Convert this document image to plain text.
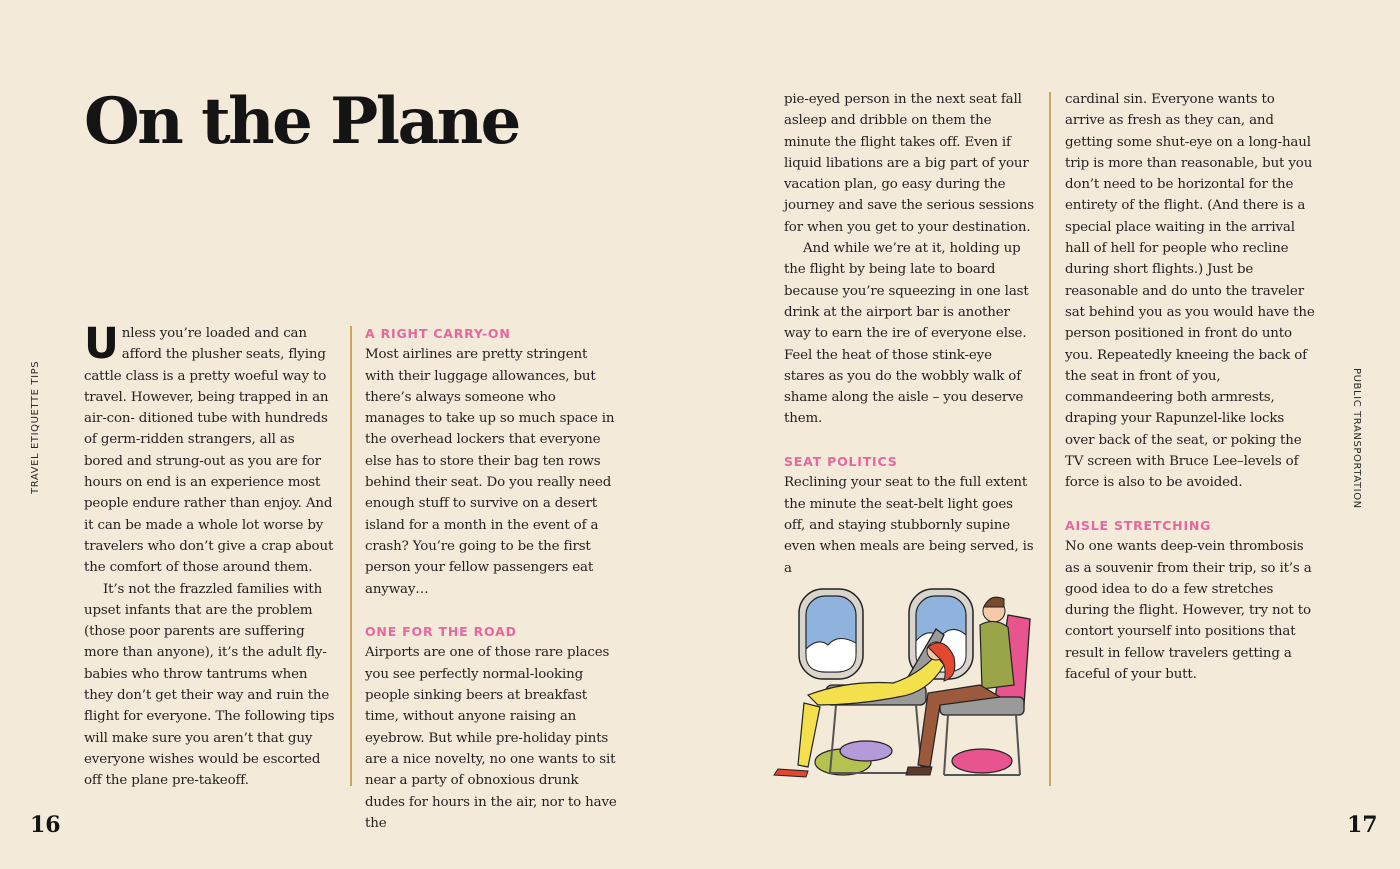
On the Plane
TRAVEL ETIQUETTE TIPS	PUBLIC TRANSPORTATION

Unless you’re loaded and can afford the plusher seats, flying cattle class is a pretty woeful way to travel. However, being trapped in an air-con- ditioned tube with hundreds of germ-ridden strangers, all as bored and strung-out as you are for hours on end is an experience most people endure rather than enjoy. And it can be made a whole lot worse by travelers who don’t give a crap about the comfort of those around them.

It’s not the frazzled families with upset infants that are the problem (those poor parents are suffering more than anyone), it’s the adult fly-babies who throw tantrums when they don’t get their way and ruin the flight for everyone. The following tips will make sure you aren’t that guy everyone wishes would be escorted off the plane pre-takeoff.

A RIGHT CARRY-ON

Most airlines are pretty stringent with their luggage allowances, but there’s always someone who manages to take up so much space in the overhead lockers that everyone else has to store their bag ten rows behind their seat. Do you really need enough stuff to survive on a desert island for a month in the event of a crash? You’re going to be the first person your fellow passengers eat anyway…

ONE FOR THE ROAD

Airports are one of those rare places you see perfectly normal-looking people sinking beers at breakfast time, without anyone raising an eyebrow. But while pre-holiday pints are a nice novelty, no one wants to sit near a party of obnoxious drunk dudes for hours in the air, nor to have the

pie-eyed person in the next seat fall asleep and dribble on them the minute the flight takes off. Even if liquid libations are a big part of your vacation plan, go easy during the journey and save the serious sessions for when you get to your destination.

And while we’re at it, holding up the flight by being late to board because you’re squeezing in one last drink at the airport bar is another way to earn the ire of everyone else. Feel the heat of those stink-eye stares as you do the wobbly walk of shame along the aisle – you deserve them.

SEAT POLITICS

Reclining your seat to the full extent the minute the seat-belt light goes off, and staying stubbornly supine even when meals are being served, is a

cardinal sin. Everyone wants to arrive as fresh as they can, and getting some shut-eye on a long-haul trip is more than reasonable, but you don’t need to be horizontal for the entirety of the flight. (And there is a special place waiting in the arrival hall of hell for people who recline during short flights.) Just be reasonable and do unto the traveler sat behind you as you would have the person positioned in front do unto you. Repeatedly kneeing the back of the seat in front of you, commandeering both armrests, draping your Rapunzel-like locks over back of the seat, or poking the TV screen with Bruce Lee–levels of force is also to be avoided.

AISLE STRETCHING

No one wants deep-vein thrombosis as a souvenir from their trip, so it’s a good idea to do a few stretches during the flight. However, try not to contort yourself into positions that result in fellow travelers getting a faceful of your butt.

16	17
